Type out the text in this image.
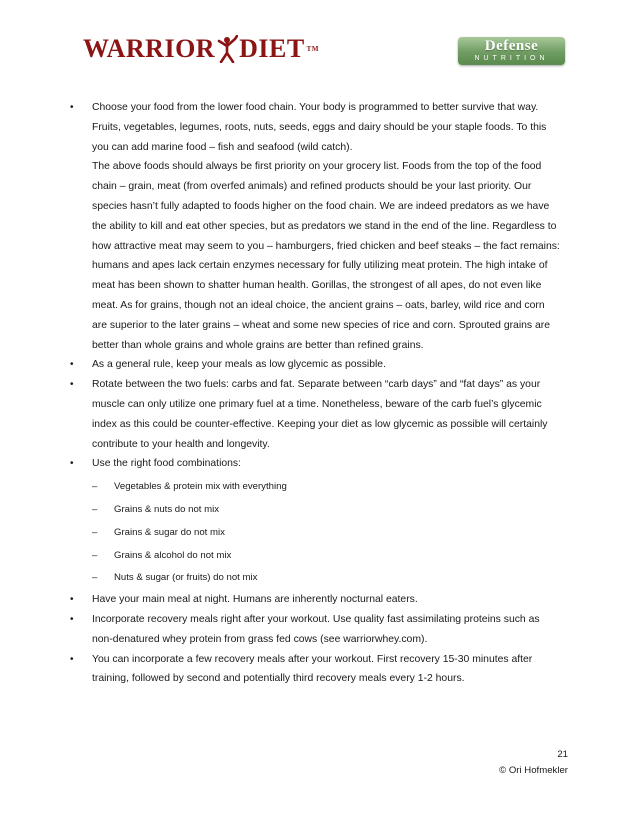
WARRIOR DIET TM	Defense
NUTRITION
• Choose your food from the lower food chain. Your body is programmed to better survive that way. Fruits, vegetables, legumes, roots, nuts, seeds, eggs and dairy should be your staple foods. To this you can add marine food – fish and seafood (wild catch).
The above foods should always be first priority on your grocery list. Foods from the top of the food chain – grain, meat (from overfed animals) and refined products should be your last priority. Our species hasn’t fully adapted to foods higher on the food chain. We are indeed predators as we have the ability to kill and eat other species, but as predators we stand in the end of the line. Regardless to how attractive meat may seem to you – hamburgers, fried chicken and beef steaks – the fact remains: humans and apes lack certain enzymes necessary for fully utilizing meat protein. The high intake of meat has been shown to shatter human health. Gorillas, the strongest of all apes, do not even like meat. As for grains, though not an ideal choice, the ancient grains – oats, barley, wild rice and corn are superior to the later grains – wheat and some new species of rice and corn. Sprouted grains are better than whole grains and whole grains are better than refined grains.
• As a general rule, keep your meals as low glycemic as possible.
• Rotate between the two fuels: carbs and fat. Separate between “carb days” and “fat days” as your muscle can only utilize one primary fuel at a time. Nonetheless, beware of the carb fuel’s glycemic index as this could be counter-effective. Keeping your diet as low glycemic as possible will certainly contribute to your health and longevity.
• Use the right food combinations:
– Vegetables & protein mix with everything
– Grains & nuts do not mix
– Grains & sugar do not mix
– Grains & alcohol do not mix
– Nuts & sugar (or fruits) do not mix
• Have your main meal at night. Humans are inherently nocturnal eaters.
• Incorporate recovery meals right after your workout. Use quality fast assimilating proteins such as non-denatured whey protein from grass fed cows (see warriorwhey.com).
• You can incorporate a few recovery meals after your workout. First recovery 15-30 minutes after training, followed by second and potentially third recovery meals every 1-2 hours.
21
© Ori Hofmekler
